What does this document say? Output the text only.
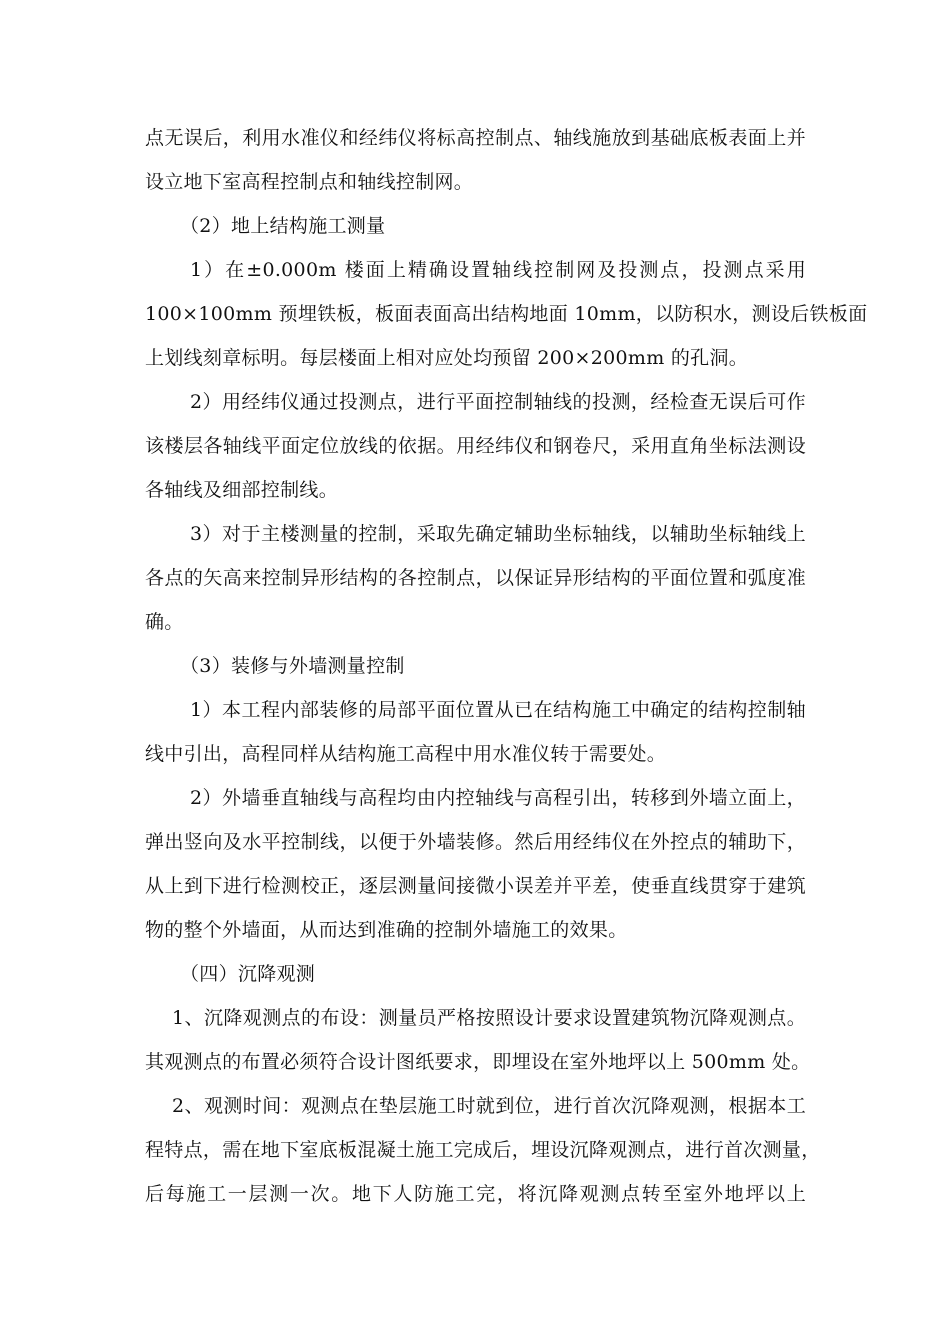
点无误后，利用水准仪和经纬仪将标高控制点、轴线施放到基础底板表面上并
设立地下室高程控制点和轴线控制网。
（2）地上结构施工测量
1）在±0.000m 楼面上精确设置轴线控制网及投测点，投测点采用
100×100mm 预埋铁板，板面表面高出结构地面 10mm，以防积水，测设后铁板面
上划线刻章标明。每层楼面上相对应处均预留 200×200mm 的孔洞。
2）用经纬仪通过投测点，进行平面控制轴线的投测，经检查无误后可作
该楼层各轴线平面定位放线的依据。用经纬仪和钢卷尺，采用直角坐标法测设
各轴线及细部控制线。
3）对于主楼测量的控制，采取先确定辅助坐标轴线，以辅助坐标轴线上
各点的矢高来控制异形结构的各控制点，以保证异形结构的平面位置和弧度准
确。
（3）装修与外墙测量控制
1）本工程内部装修的局部平面位置从已在结构施工中确定的结构控制轴
线中引出，高程同样从结构施工高程中用水准仪转于需要处。
2）外墙垂直轴线与高程均由内控轴线与高程引出，转移到外墙立面上，
弹出竖向及水平控制线，以便于外墙装修。然后用经纬仪在外控点的辅助下，
从上到下进行检测校正，逐层测量间接微小误差并平差，使垂直线贯穿于建筑
物的整个外墙面，从而达到准确的控制外墙施工的效果。
（四）沉降观测
1、沉降观测点的布设：测量员严格按照设计要求设置建筑物沉降观测点。
其观测点的布置必须符合设计图纸要求，即埋设在室外地坪以上 500mm 处。
2、观测时间：观测点在垫层施工时就到位，进行首次沉降观测，根据本工
程特点，需在地下室底板混凝土施工完成后，埋设沉降观测点，进行首次测量，
后每施工一层测一次。地下人防施工完，将沉降观测点转至室外地坪以上
